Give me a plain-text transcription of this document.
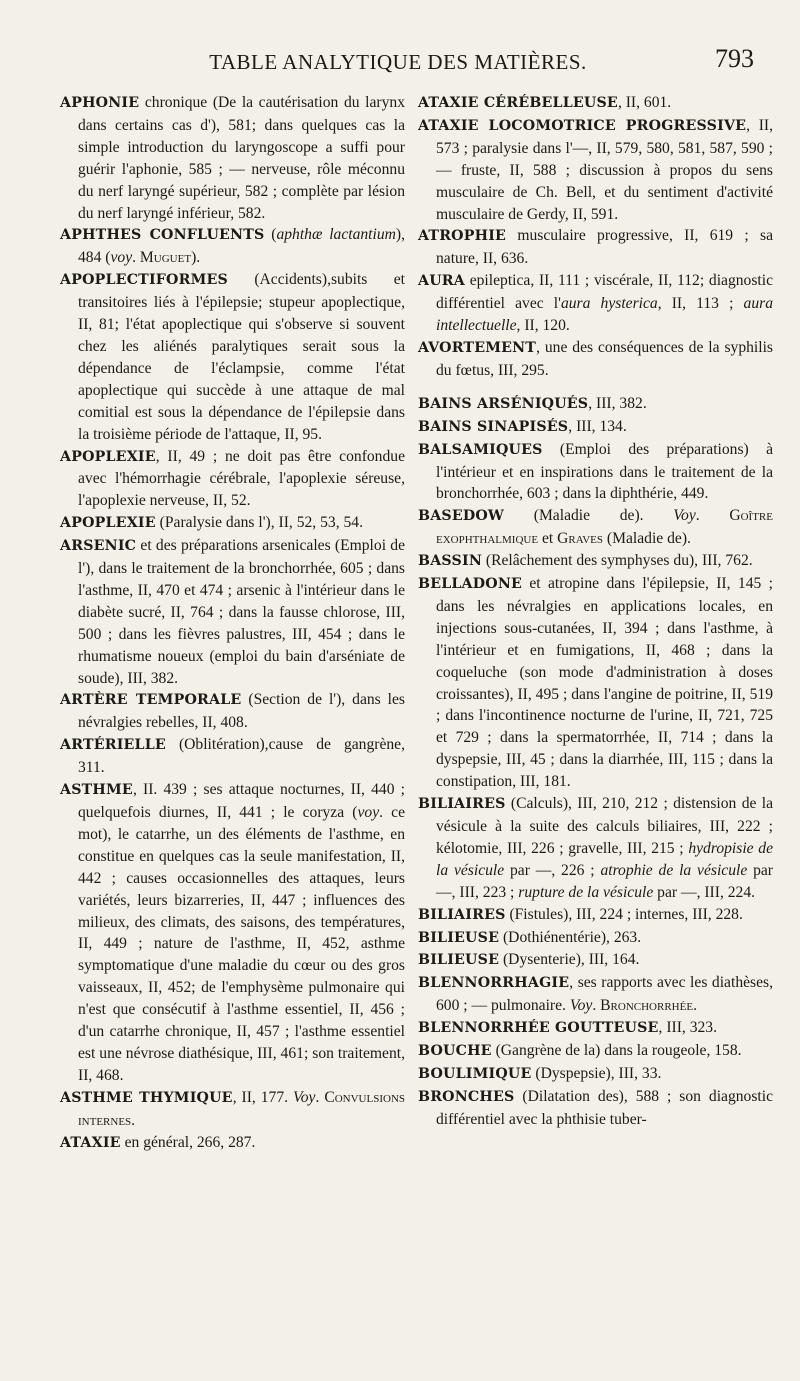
TABLE ANALYTIQUE DES MATIÈRES.	793

APHONIE chronique (De la cautérisation du larynx dans certains cas d'), 581; dans quelques cas la simple introduction du laryngoscope a suffi pour guérir l'aphonie, 585 ; — nerveuse, rôle méconnu du nerf laryngé supérieur, 582 ; complète par lésion du nerf laryngé inférieur, 582.

APHTHES CONFLUENTS (aphthæ lactantium), 484 (voy. Muguet).

APOPLECTIFORMES (Accidents),subits et transitoires liés à l'épilepsie; stupeur apoplectique, II, 81; l'état apoplectique qui s'observe si souvent chez les aliénés paralytiques serait sous la dépendance de l'éclampsie, comme l'état apoplectique qui succède à une attaque de mal comitial est sous la dépendance de l'épilepsie dans la troisième période de l'attaque, II, 95.

APOPLEXIE, II, 49 ; ne doit pas être confondue avec l'hémorrhagie cérébrale, l'apoplexie séreuse, l'apoplexie nerveuse, II, 52.

APOPLEXIE (Paralysie dans l'), II, 52, 53, 54.

ARSENIC et des préparations arsenicales (Emploi de l'), dans le traitement de la bronchorrhée, 605 ; dans l'asthme, II, 470 et 474 ; arsenic à l'intérieur dans le diabète sucré, II, 764 ; dans la fausse chlorose, III, 500 ; dans les fièvres palustres, III, 454 ; dans le rhumatisme noueux (emploi du bain d'arséniate de soude), III, 382.

ARTÈRE TEMPORALE (Section de l'), dans les névralgies rebelles, II, 408.

ARTÉRIELLE (Oblitération),cause de gangrène, 311.

ASTHME, II. 439 ; ses attaque nocturnes, II, 440 ; quelquefois diurnes, II, 441 ; le coryza (voy. ce mot), le catarrhe, un des éléments de l'asthme, en constitue en quelques cas la seule manifestation, II, 442 ; causes occasionnelles des attaques, leurs variétés, leurs bizarreries, II, 447 ; influences des milieux, des climats, des saisons, des températures, II, 449 ; nature de l'asthme, II, 452, asthme symptomatique d'une maladie du cœur ou des gros vaisseaux, II, 452; de l'emphysème pulmonaire qui n'est que consécutif à l'asthme essentiel, II, 456 ; d'un catarrhe chronique, II, 457 ; l'asthme essentiel est une névrose diathésique, III, 461; son traitement, II, 468.

ASTHME THYMIQUE, II, 177. Voy. Convulsions internes.

ATAXIE en général, 266, 287.

ATAXIE CÉRÉBELLEUSE, II, 601.

ATAXIE LOCOMOTRICE PROGRESSIVE, II, 573 ; paralysie dans l'—, II, 579, 580, 581, 587, 590 ; — fruste, II, 588 ; discussion à propos du sens musculaire de Ch. Bell, et du sentiment d'activité musculaire de Gerdy, II, 591.

ATROPHIE musculaire progressive, II, 619 ; sa nature, II, 636.

AURA epileptica, II, 111 ; viscérale, II, 112; diagnostic différentiel avec l'aura hysterica, II, 113 ; aura intellectuelle, II, 120.

AVORTEMENT, une des conséquences de la syphilis du fœtus, III, 295.

BAINS ARSÉNIQUÉS, III, 382.

BAINS SINAPISÉS, III, 134.

BALSAMIQUES (Emploi des préparations) à l'intérieur et en inspirations dans le traitement de la bronchorrhée, 603 ; dans la diphthérie, 449.

BASEDOW (Maladie de). Voy. Goître exophthalmique et Graves (Maladie de).

BASSIN (Relâchement des symphyses du), III, 762.

BELLADONE et atropine dans l'épilepsie, II, 145 ; dans les névralgies en applications locales, en injections sous-cutanées, II, 394 ; dans l'asthme, à l'intérieur et en fumigations, II, 468 ; dans la coqueluche (son mode d'administration à doses croissantes), II, 495 ; dans l'angine de poitrine, II, 519 ; dans l'incontinence nocturne de l'urine, II, 721, 725 et 729 ; dans la spermatorrhée, II, 714 ; dans la dyspepsie, III, 45 ; dans la diarrhée, III, 115 ; dans la constipation, III, 181.

BILIAIRES (Calculs), III, 210, 212 ; distension de la vésicule à la suite des calculs biliaires, III, 222 ; kélotomie, III, 226 ; gravelle, III, 215 ; hydropisie de la vésicule par —, 226 ; atrophie de la vésicule par —, III, 223 ; rupture de la vésicule par —, III, 224.

BILIAIRES (Fistules), III, 224 ; internes, III, 228.

BILIEUSE (Dothiénentérie), 263.

BILIEUSE (Dysenterie), III, 164.

BLENNORRHAGIE, ses rapports avec les diathèses, 600 ; — pulmonaire. Voy. Bronchorrhée.

BLENNORRHÉE GOUTTEUSE, III, 323.

BOUCHE (Gangrène de la) dans la rougeole, 158.

BOULIMIQUE (Dyspepsie), III, 33.

BRONCHES (Dilatation des), 588 ; son diagnostic différentiel avec la phthisie tuber-
